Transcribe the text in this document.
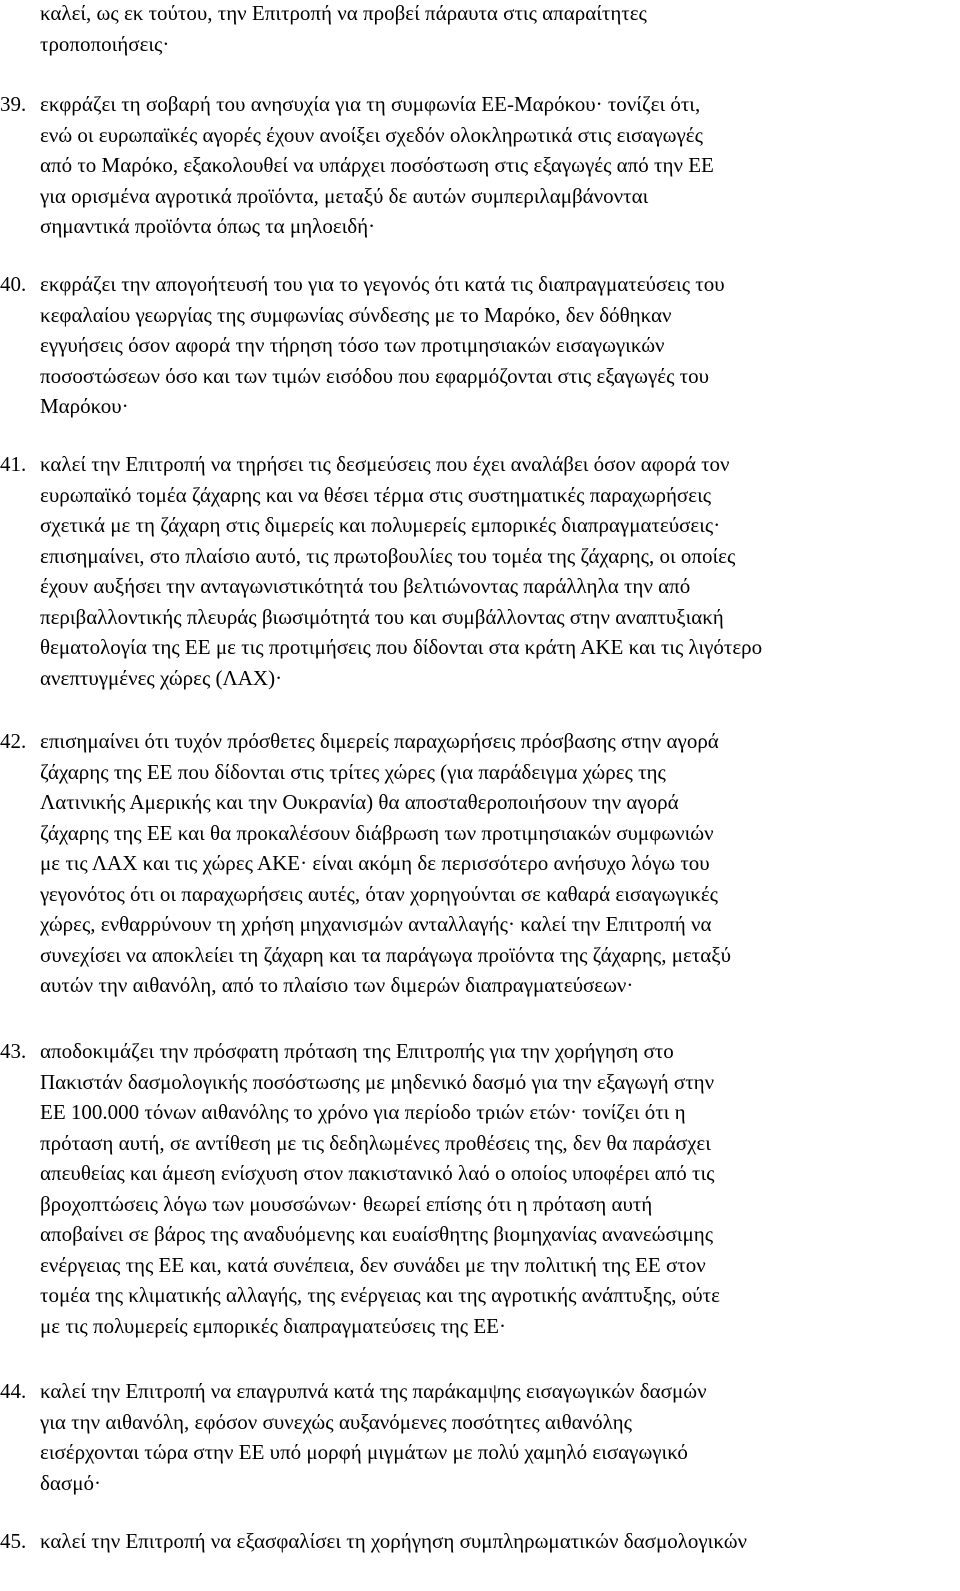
καλεί, ως εκ τούτου, την Επιτροπή να προβεί πάραυτα στις απαραίτητες
τροποποιήσεις·
39. εκφράζει τη σοβαρή του ανησυχία για τη συμφωνία ΕΕ-Μαρόκου· τονίζει ότι,
ενώ οι ευρωπαϊκές αγορές έχουν ανοίξει σχεδόν ολοκληρωτικά στις εισαγωγές
από το Μαρόκο, εξακολουθεί να υπάρχει ποσόστωση στις εξαγωγές από την ΕΕ
για ορισμένα αγροτικά προϊόντα, μεταξύ δε αυτών συμπεριλαμβάνονται
σημαντικά προϊόντα όπως τα μηλοειδή·
40. εκφράζει την απογοήτευσή του για το γεγονός ότι κατά τις διαπραγματεύσεις του
κεφαλαίου γεωργίας της συμφωνίας σύνδεσης με το Μαρόκο, δεν δόθηκαν
εγγυήσεις όσον αφορά την τήρηση τόσο των προτιμησιακών εισαγωγικών
ποσοστώσεων όσο και των τιμών εισόδου που εφαρμόζονται στις εξαγωγές του
Μαρόκου·
41. καλεί την Επιτροπή να τηρήσει τις δεσμεύσεις που έχει αναλάβει όσον αφορά τον
ευρωπαϊκό τομέα ζάχαρης και να θέσει τέρμα στις συστηματικές παραχωρήσεις
σχετικά με τη ζάχαρη στις διμερείς και πολυμερείς εμπορικές διαπραγματεύσεις·
επισημαίνει, στο πλαίσιο αυτό, τις πρωτοβουλίες του τομέα της ζάχαρης, οι οποίες
έχουν αυξήσει την ανταγωνιστικότητά του βελτιώνοντας παράλληλα την από
περιβαλλοντικής πλευράς βιωσιμότητά του και συμβάλλοντας στην αναπτυξιακή
θεματολογία της ΕΕ με τις προτιμήσεις που δίδονται στα κράτη ΑΚΕ και τις λιγότερο
ανεπτυγμένες χώρες (ΛΑΧ)·
42. επισημαίνει ότι τυχόν πρόσθετες διμερείς παραχωρήσεις πρόσβασης στην αγορά
ζάχαρης της ΕΕ που δίδονται στις τρίτες χώρες (για παράδειγμα χώρες της
Λατινικής Αμερικής και την Ουκρανία) θα αποσταθεροποιήσουν την αγορά
ζάχαρης της ΕΕ και θα προκαλέσουν διάβρωση των προτιμησιακών συμφωνιών
με τις ΛΑΧ και τις χώρες ΑΚΕ· είναι ακόμη δε περισσότερο ανήσυχο λόγω του
γεγονότος ότι οι παραχωρήσεις αυτές, όταν χορηγούνται σε καθαρά εισαγωγικές
χώρες, ενθαρρύνουν τη χρήση μηχανισμών ανταλλαγής· καλεί την Επιτροπή να
συνεχίσει να αποκλείει τη ζάχαρη και τα παράγωγα προϊόντα της ζάχαρης, μεταξύ
αυτών την αιθανόλη, από το πλαίσιο των διμερών διαπραγματεύσεων·
43. αποδοκιμάζει την πρόσφατη πρόταση της Επιτροπής για την χορήγηση στο
Πακιστάν δασμολογικής ποσόστωσης με μηδενικό δασμό για την εξαγωγή στην
ΕΕ 100.000 τόνων αιθανόλης το χρόνο για περίοδο τριών ετών· τονίζει ότι η
πρόταση αυτή, σε αντίθεση με τις δεδηλωμένες προθέσεις της, δεν θα παράσχει
απευθείας και άμεση ενίσχυση στον πακιστανικό λαό ο οποίος υποφέρει από τις
βροχοπτώσεις λόγω των μουσσώνων· θεωρεί επίσης ότι η πρόταση αυτή
αποβαίνει σε βάρος της αναδυόμενης και ευαίσθητης βιομηχανίας ανανεώσιμης
ενέργειας της ΕΕ και, κατά συνέπεια, δεν συνάδει με την πολιτική της ΕΕ στον
τομέα της κλιματικής αλλαγής, της ενέργειας και της αγροτικής ανάπτυξης, ούτε
με τις πολυμερείς εμπορικές διαπραγματεύσεις της ΕΕ·
44. καλεί την Επιτροπή να επαγρυπνά κατά της παράκαμψης εισαγωγικών δασμών
για την αιθανόλη, εφόσον συνεχώς αυξανόμενες ποσότητες αιθανόλης
εισέρχονται τώρα στην ΕΕ υπό μορφή μιγμάτων με πολύ χαμηλό εισαγωγικό
δασμό·
45. καλεί την Επιτροπή να εξασφαλίσει τη χορήγηση συμπληρωματικών δασμολογικών
